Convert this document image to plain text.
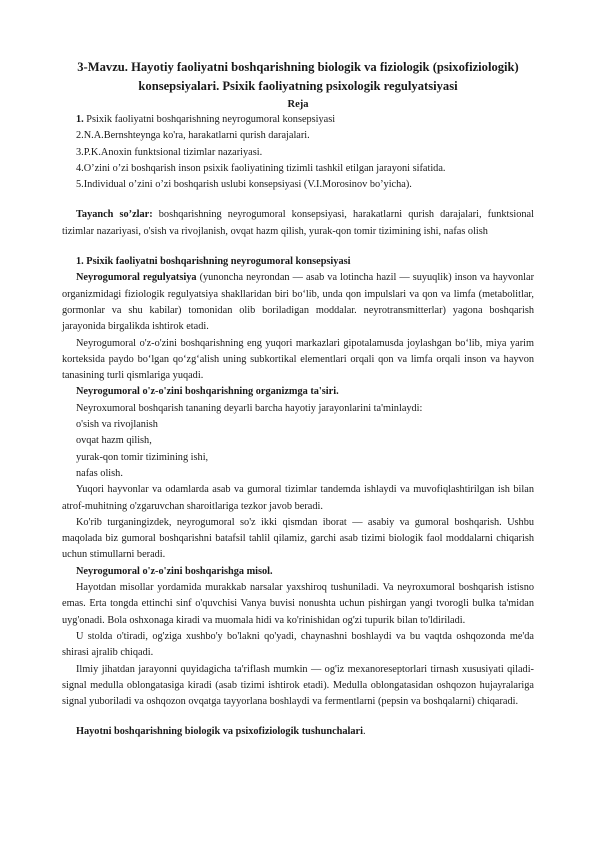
3-Mavzu. Hayotiy faoliyatni boshqarishning biologik va fiziologik (psixofiziologik) konsepsiyalari. Psixik faoliyatning psixologik regulyatsiyasi

Reja

1. Psixik faoliyatni boshqarishning neyrogumoral konsepsiyasi
2.N.A.Bernshteynga ko'ra, harakatlarni qurish darajalari.
3.P.K.Anoxin funktsional tizimlar nazariyasi.
4.O’zini o’zi boshqarish inson psixik faoliyatining tizimli tashkil etilgan jarayoni sifatida.
5.Individual o’zini o’zi boshqarish uslubi konsepsiyasi (V.I.Morosinov bo’yicha).

Tayanch so’zlar: boshqarishning neyrogumoral konsepsiyasi, harakatlarni qurish darajalari, funktsional tizimlar nazariyasi, o'sish va rivojlanish, ovqat hazm qilish, yurak-qon tomir tizimining ishi, nafas olish

1. Psixik faoliyatni boshqarishning neyrogumoral konsepsiyasi

Neyrogumoral regulyatsiya (yunoncha neyrondan — asab va lotincha hazil — suyuqlik) inson va hayvonlar organizmidagi fiziologik regulyatsiya shakllaridan biri bo‘lib, unda qon impulslari va qon va limfa (metabolitlar, gormonlar va shu kabilar) tomonidan olib boriladigan moddalar. neyrotransmitterlar) yagona boshqarish jarayonida birgalikda ishtirok etadi.

Neyrogumoral o'z-o'zini boshqarishning eng yuqori markazlari gipotalamusda joylashgan bo‘lib, miya yarim korteksida paydo bo‘lgan qo‘zg‘alish uning subkortikal elementlari orqali qon va limfa orqali inson va hayvon tanasining turli qismlariga yuqadi.

Neyrogumoral o'z-o'zini boshqarishning organizmga ta'siri.

Neyroxumoral boshqarish tananing deyarli barcha hayotiy jarayonlarini ta'minlaydi:

o'sish va rivojlanish

ovqat hazm qilish,

yurak-qon tomir tizimining ishi,

nafas olish.

Yuqori hayvonlar va odamlarda asab va gumoral tizimlar tandemda ishlaydi va muvofiqlashtirilgan ish bilan atrof-muhitning o'zgaruvchan sharoitlariga tezkor javob beradi.

Ko'rib turganingizdek, neyrogumoral so'z ikki qismdan iborat — asabiy va gumoral boshqarish. Ushbu maqolada biz gumoral boshqarishni batafsil tahlil qilamiz, garchi asab tizimi biologik faol moddalarni chiqarish uchun stimullarni beradi.

Neyrogumoral o'z-o'zini boshqarishga misol.

Hayotdan misollar yordamida murakkab narsalar yaxshiroq tushuniladi. Va neyroxumoral boshqarish istisno emas. Erta tongda ettinchi sinf o'quvchisi Vanya buvisi nonushta uchun pishirgan yangi tvorogli bulka ta'midan uyg'onadi. Bola oshxonaga kiradi va muomala hidi va ko'rinishidan og'zi tupurik bilan to'ldiriladi.

U stolda o'tiradi, og'ziga xushbo'y bo'lakni qo'yadi, chaynashni boshlaydi va bu vaqtda oshqozonda me'da shirasi ajralib chiqadi.

Ilmiy jihatdan jarayonni quyidagicha ta'riflash mumkin — og'iz mexanoreseptorlari tirnash xususiyati qiladi-signal medulla oblongatasiga kiradi (asab tizimi ishtirok etadi). Medulla oblongatasidan oshqozon hujayralariga signal yuboriladi va oshqozon ovqatga tayyorlana boshlaydi va fermentlarni (pepsin va boshqalarni) chiqaradi.

Hayotni boshqarishning biologik va psixofiziologik tushunchalari.
